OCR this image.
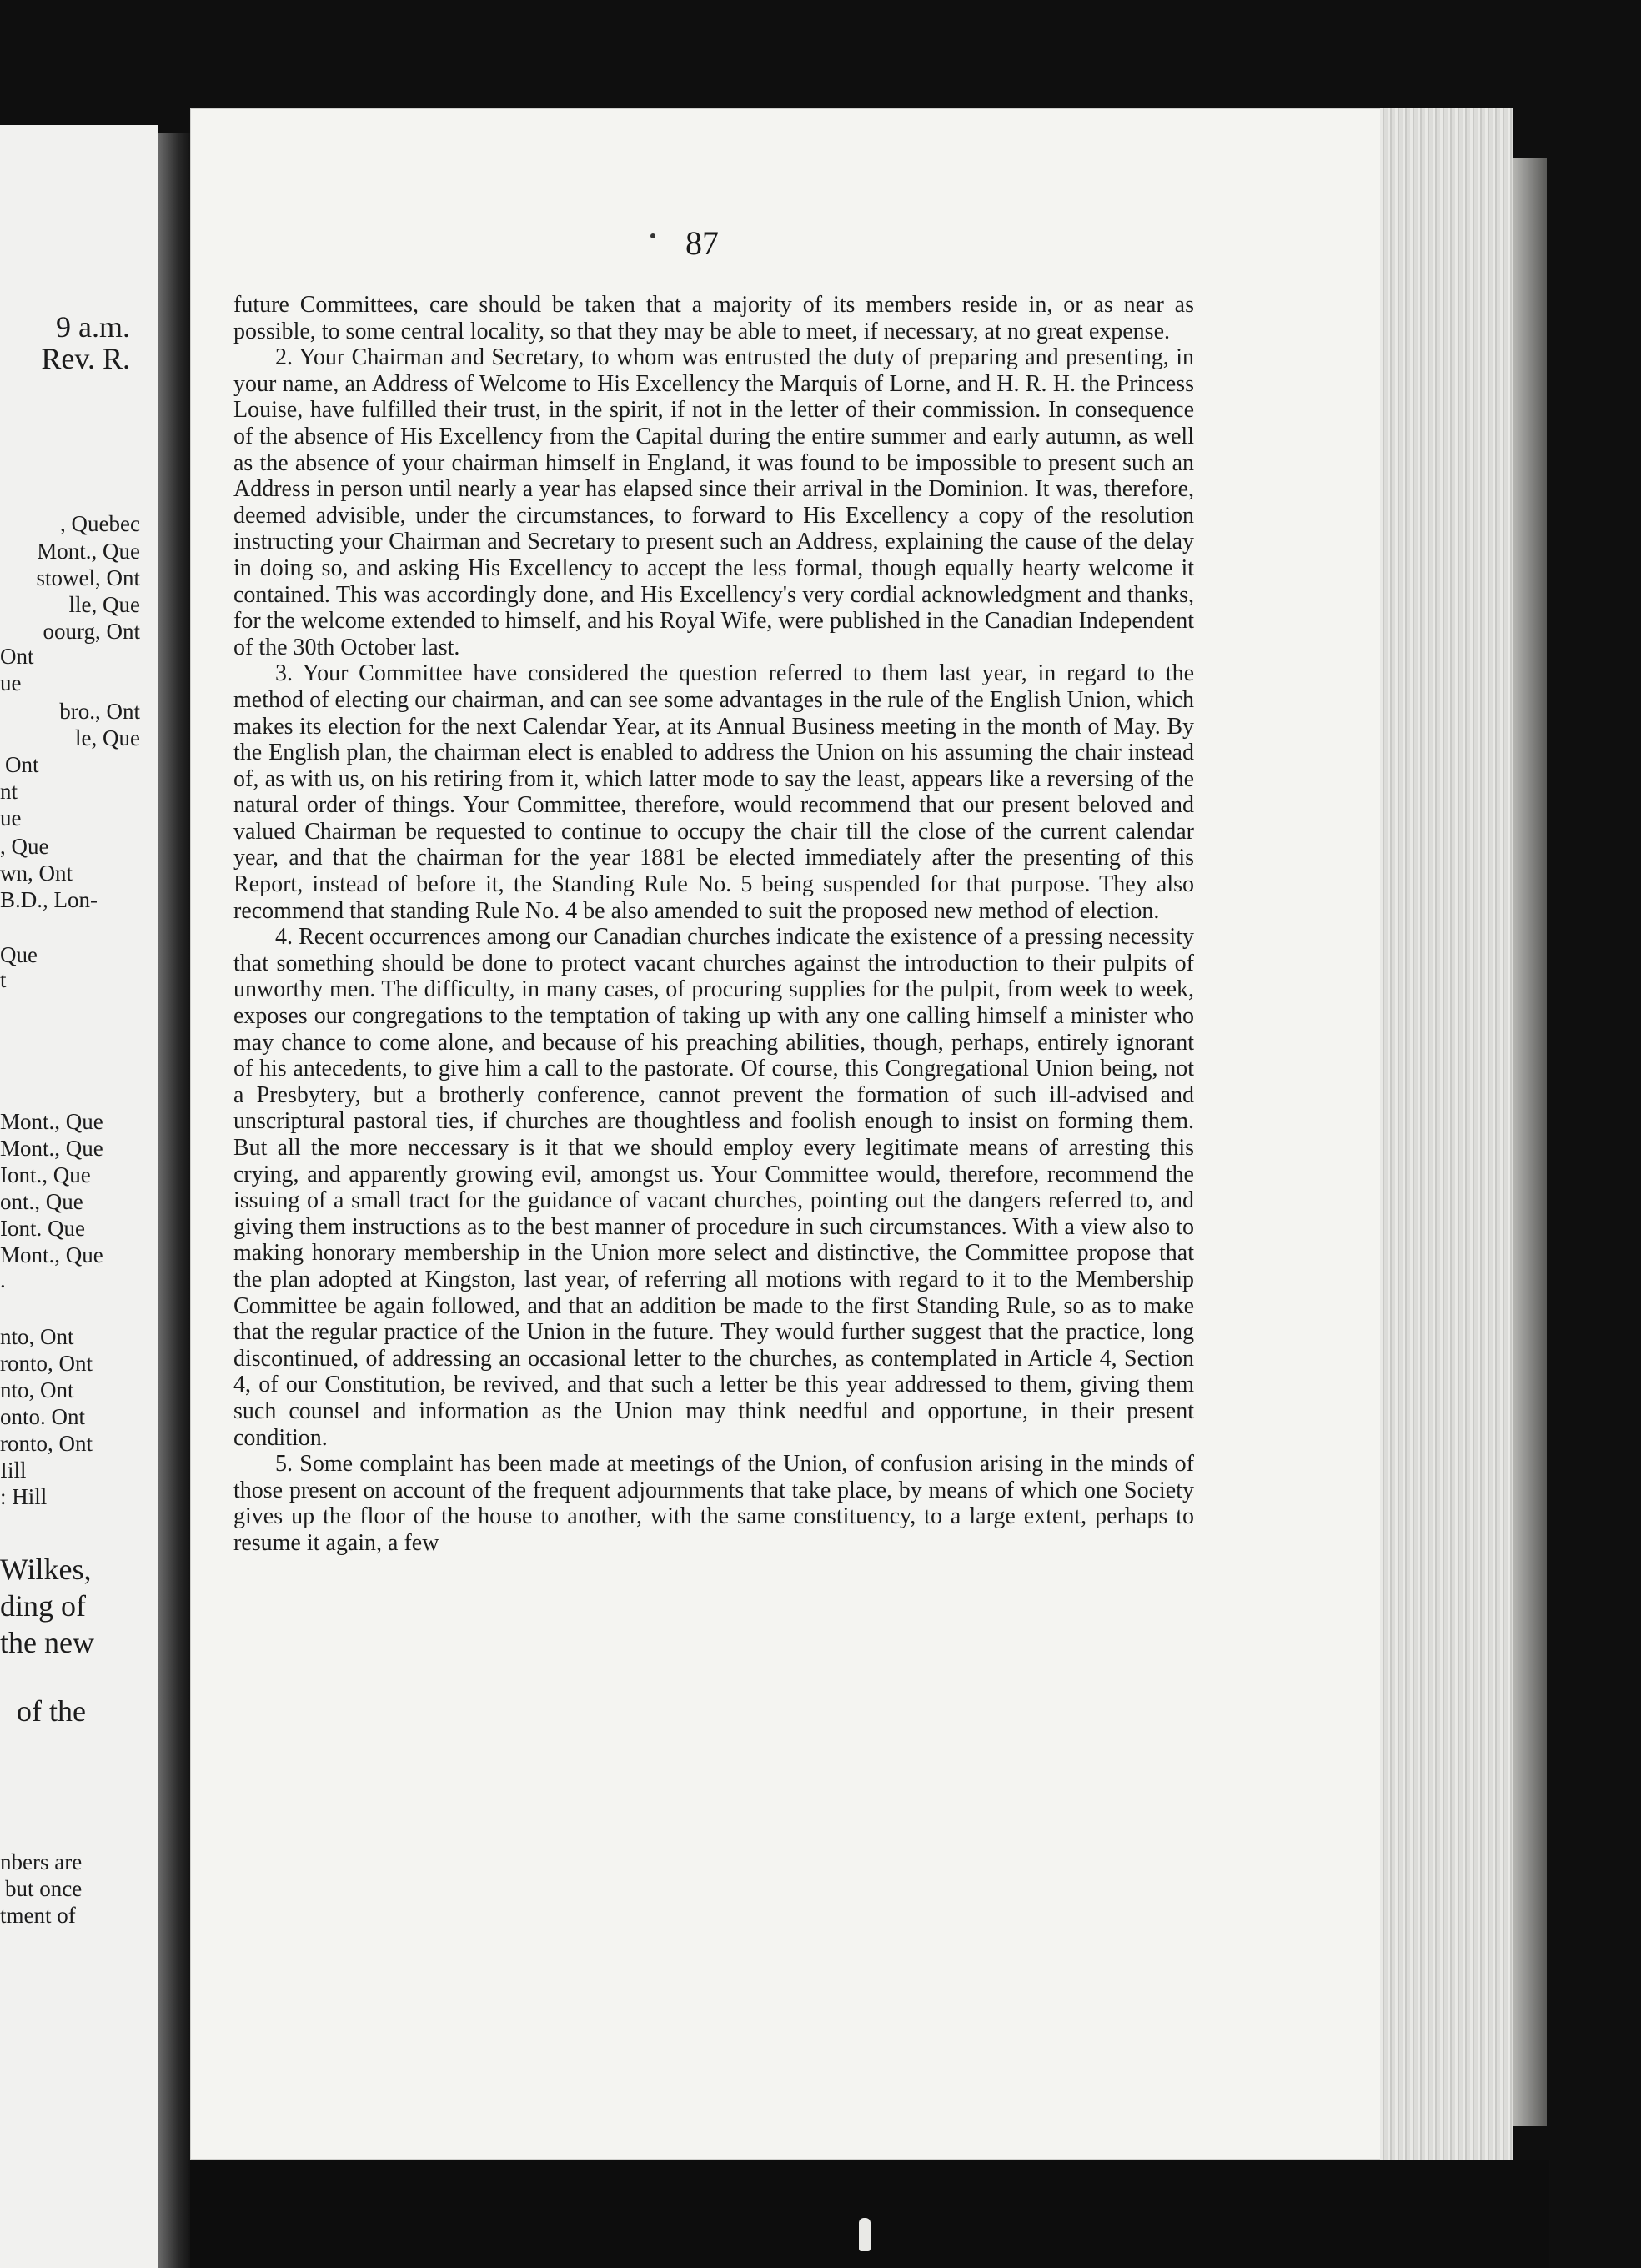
9 a.m.
Rev. R.
, Quebec
Mont., Que
stowel, Ont
lle, Que
oourg, Ont
Ont
ue
bro., Ont
le, Que
Ont
nt
ue
, Que
wn, Ont
B.D., Lon-
Que
t
Mont., Que
Mont., Que
Iont., Que
ont., Que
Iont. Que
Mont., Que
.
nto, Ont
ronto, Ont
nto, Ont
onto. Ont
ronto, Ont
Iill
: Hill
Wilkes,
ding of
the new
of the
nbers are
but once
tment of
87

future Committees, care should be taken that a majority of its members reside in, or as near as possible, to some central locality, so that they may be able to meet, if necessary, at no great expense.

2. Your Chairman and Secretary, to whom was entrusted the duty of preparing and presenting, in your name, an Address of Welcome to His Excellency the Marquis of Lorne, and H. R. H. the Princess Louise, have fulfilled their trust, in the spirit, if not in the letter of their commission. In consequence of the absence of His Excellency from the Capital during the entire summer and early autumn, as well as the absence of your chairman himself in England, it was found to be impossible to present such an Address in person until nearly a year has elapsed since their arrival in the Dominion. It was, therefore, deemed advisible, under the circumstances, to forward to His Excellency a copy of the resolution instructing your Chairman and Secretary to present such an Address, explaining the cause of the delay in doing so, and asking His Excellency to accept the less formal, though equally hearty welcome it contained. This was accordingly done, and His Excellency's very cordial acknowledgment and thanks, for the welcome extended to himself, and his Royal Wife, were published in the Canadian Independent of the 30th October last.

3. Your Committee have considered the question referred to them last year, in regard to the method of electing our chairman, and can see some advantages in the rule of the English Union, which makes its election for the next Calendar Year, at its Annual Business meeting in the month of May. By the English plan, the chairman elect is enabled to address the Union on his assuming the chair instead of, as with us, on his retiring from it, which latter mode to say the least, appears like a reversing of the natural order of things. Your Committee, therefore, would recommend that our present beloved and valued Chairman be requested to continue to occupy the chair till the close of the current calendar year, and that the chairman for the year 1881 be elected immediately after the presenting of this Report, instead of before it, the Standing Rule No. 5 being suspended for that purpose. They also recommend that standing Rule No. 4 be also amended to suit the proposed new method of election.

4. Recent occurrences among our Canadian churches indicate the existence of a pressing necessity that something should be done to protect vacant churches against the introduction to their pulpits of unworthy men. The difficulty, in many cases, of procuring supplies for the pulpit, from week to week, exposes our congregations to the temptation of taking up with any one calling himself a minister who may chance to come alone, and because of his preaching abilities, though, perhaps, entirely ignorant of his antecedents, to give him a call to the pastorate. Of course, this Congregational Union being, not a Presbytery, but a brotherly conference, cannot prevent the formation of such ill-advised and unscriptural pastoral ties, if churches are thoughtless and foolish enough to insist on forming them. But all the more neccessary is it that we should employ every legitimate means of arresting this crying, and apparently growing evil, amongst us. Your Committee would, therefore, recommend the issuing of a small tract for the guidance of vacant churches, pointing out the dangers referred to, and giving them instructions as to the best manner of procedure in such circumstances. With a view also to making honorary membership in the Union more select and distinctive, the Committee propose that the plan adopted at Kingston, last year, of referring all motions with regard to it to the Membership Committee be again followed, and that an addition be made to the first Standing Rule, so as to make that the regular practice of the Union in the future. They would further suggest that the practice, long discontinued, of addressing an occasional letter to the churches, as contemplated in Article 4, Section 4, of our Constitution, be revived, and that such a letter be this year addressed to them, giving them such counsel and information as the Union may think needful and opportune, in their present condition.

5. Some complaint has been made at meetings of the Union, of confusion arising in the minds of those present on account of the frequent adjournments that take place, by means of which one Society gives up the floor of the house to another, with the same constituency, to a large extent, perhaps to resume it again, a few
